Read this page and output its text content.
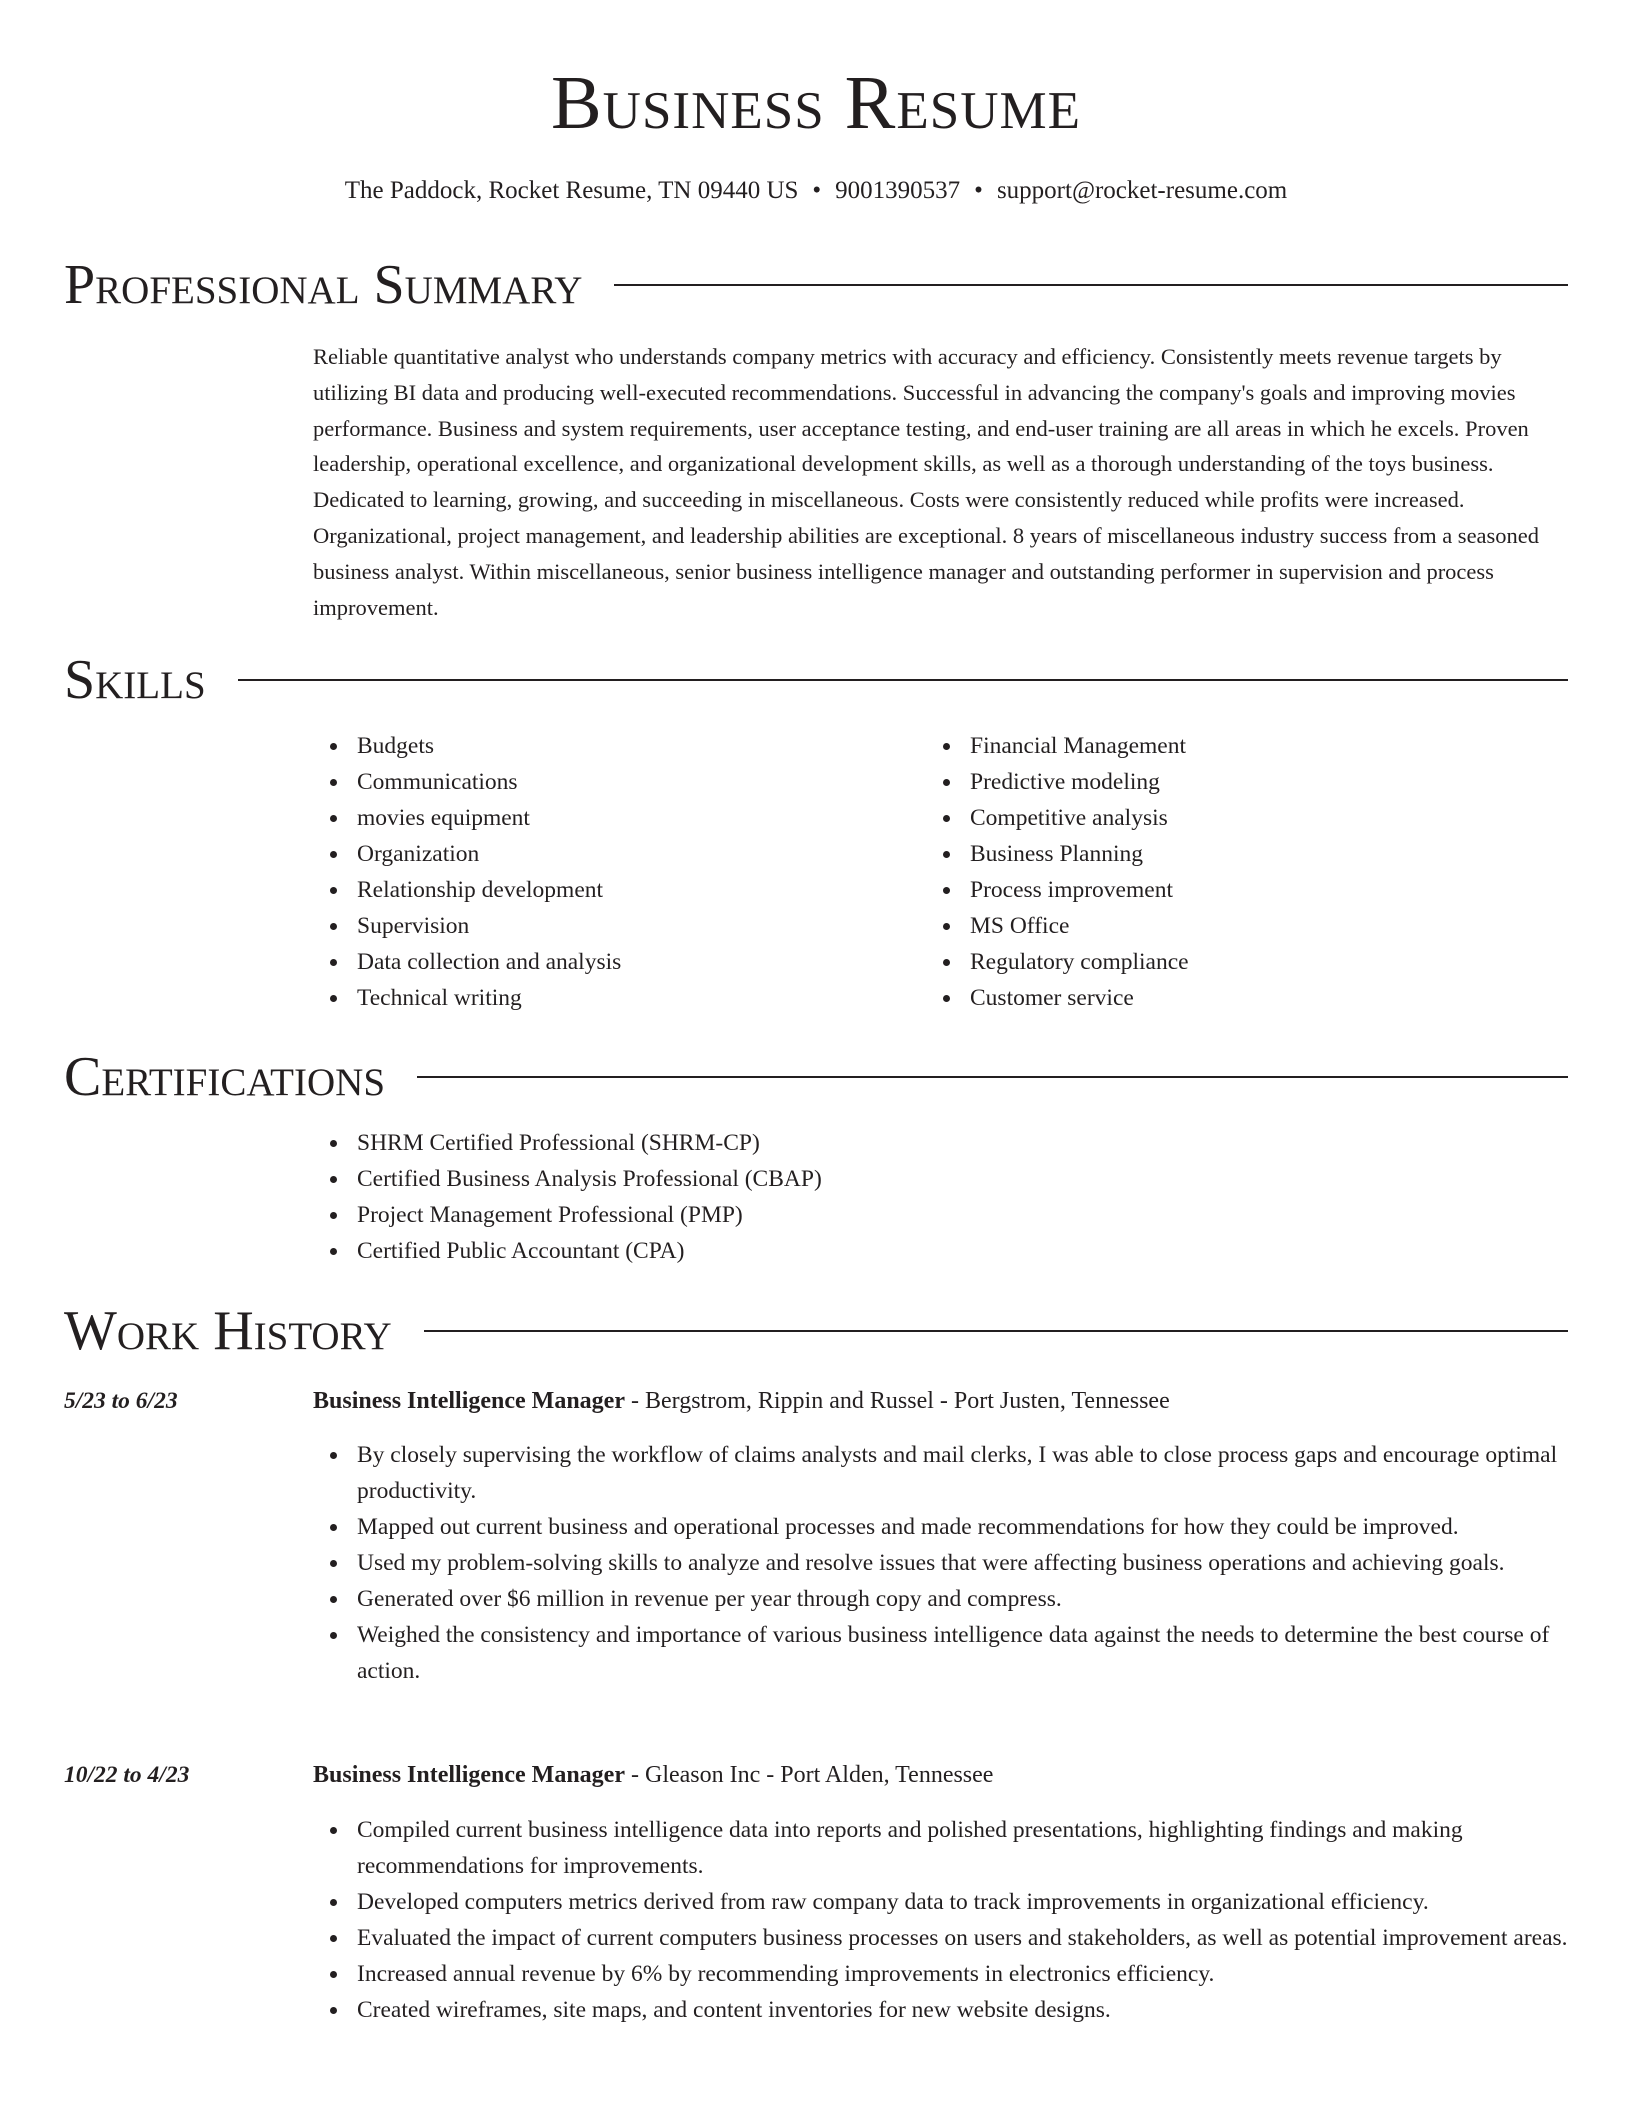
Business Resume
The Paddock, Rocket Resume, TN 09440 US • 9001390537 • support@rocket-resume.com
Professional Summary
Reliable quantitative analyst who understands company metrics with accuracy and efficiency. Consistently meets revenue targets by utilizing BI data and producing well-executed recommendations. Successful in advancing the company's goals and improving movies performance. Business and system requirements, user acceptance testing, and end-user training are all areas in which he excels. Proven leadership, operational excellence, and organizational development skills, as well as a thorough understanding of the toys business. Dedicated to learning, growing, and succeeding in miscellaneous. Costs were consistently reduced while profits were increased. Organizational, project management, and leadership abilities are exceptional. 8 years of miscellaneous industry success from a seasoned business analyst. Within miscellaneous, senior business intelligence manager and outstanding performer in supervision and process improvement.
Skills
Budgets
Communications
movies equipment
Organization
Relationship development
Supervision
Data collection and analysis
Technical writing
Financial Management
Predictive modeling
Competitive analysis
Business Planning
Process improvement
MS Office
Regulatory compliance
Customer service
Certifications
SHRM Certified Professional (SHRM-CP)
Certified Business Analysis Professional (CBAP)
Project Management Professional (PMP)
Certified Public Accountant (CPA)
Work History
5/23 to 6/23	Business Intelligence Manager - Bergstrom, Rippin and Russel - Port Justen, Tennessee
By closely supervising the workflow of claims analysts and mail clerks, I was able to close process gaps and encourage optimal productivity.
Mapped out current business and operational processes and made recommendations for how they could be improved.
Used my problem-solving skills to analyze and resolve issues that were affecting business operations and achieving goals.
Generated over $6 million in revenue per year through copy and compress.
Weighed the consistency and importance of various business intelligence data against the needs to determine the best course of action.
10/22 to 4/23	Business Intelligence Manager - Gleason Inc - Port Alden, Tennessee
Compiled current business intelligence data into reports and polished presentations, highlighting findings and making recommendations for improvements.
Developed computers metrics derived from raw company data to track improvements in organizational efficiency.
Evaluated the impact of current computers business processes on users and stakeholders, as well as potential improvement areas.
Increased annual revenue by 6% by recommending improvements in electronics efficiency.
Created wireframes, site maps, and content inventories for new website designs.
